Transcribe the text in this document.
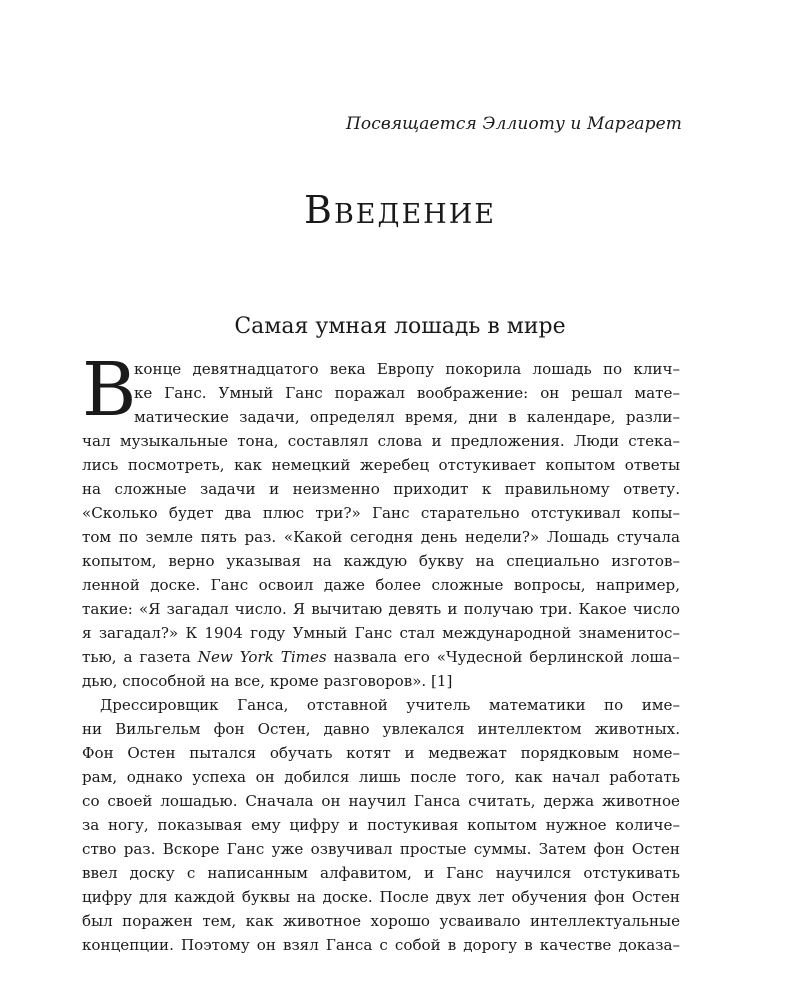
Посвящается Эллиоту и Маргарет
Введение
Самая умная лошадь в мире
В
конце девятнадцатого века Европу покорила лошадь по клич–
ке Ганс. Умный Ганс поражал воображение: он решал мате–
матические задачи, определял время, дни в календаре, разли–
чал музыкальные тона, составлял слова и предложения. Люди стека–
лись посмотреть, как немецкий жеребец отстукивает копытом ответы
на сложные задачи и неизменно приходит к правильному ответу.
«Сколько будет два плюс три?» Ганс старательно отстукивал копы–
том по земле пять раз. «Какой сегодня день недели?» Лошадь стучала
копытом, верно указывая на каждую букву на специально изготов–
ленной доске. Ганс освоил даже более сложные вопросы, например,
такие: «Я загадал число. Я вычитаю девять и получаю три. Какое число
я загадал?» К 1904 году Умный Ганс стал международной знаменитос–
тью, а газета New York Times назвала его «Чудесной берлинской лоша–
дью, способной на все, кроме разговоров». [1]
Дрессировщик Ганса, отставной учитель математики по име–
ни Вильгельм фон Остен, давно увлекался интеллектом животных.
Фон Остен пытался обучать котят и медвежат порядковым номе–
рам, однако успеха он добился лишь после того, как начал работать
со своей лошадью. Сначала он научил Ганса считать, держа животное
за ногу, показывая ему цифру и постукивая копытом нужное количе–
ство раз. Вскоре Ганс уже озвучивал простые суммы. Затем фон Остен
ввел доску с написанным алфавитом, и Ганс научился отстукивать
цифру для каждой буквы на доске. После двух лет обучения фон Остен
был поражен тем, как животное хорошо усваивало интеллектуальные
концепции. Поэтому он взял Ганса с собой в дорогу в качестве доказа–
